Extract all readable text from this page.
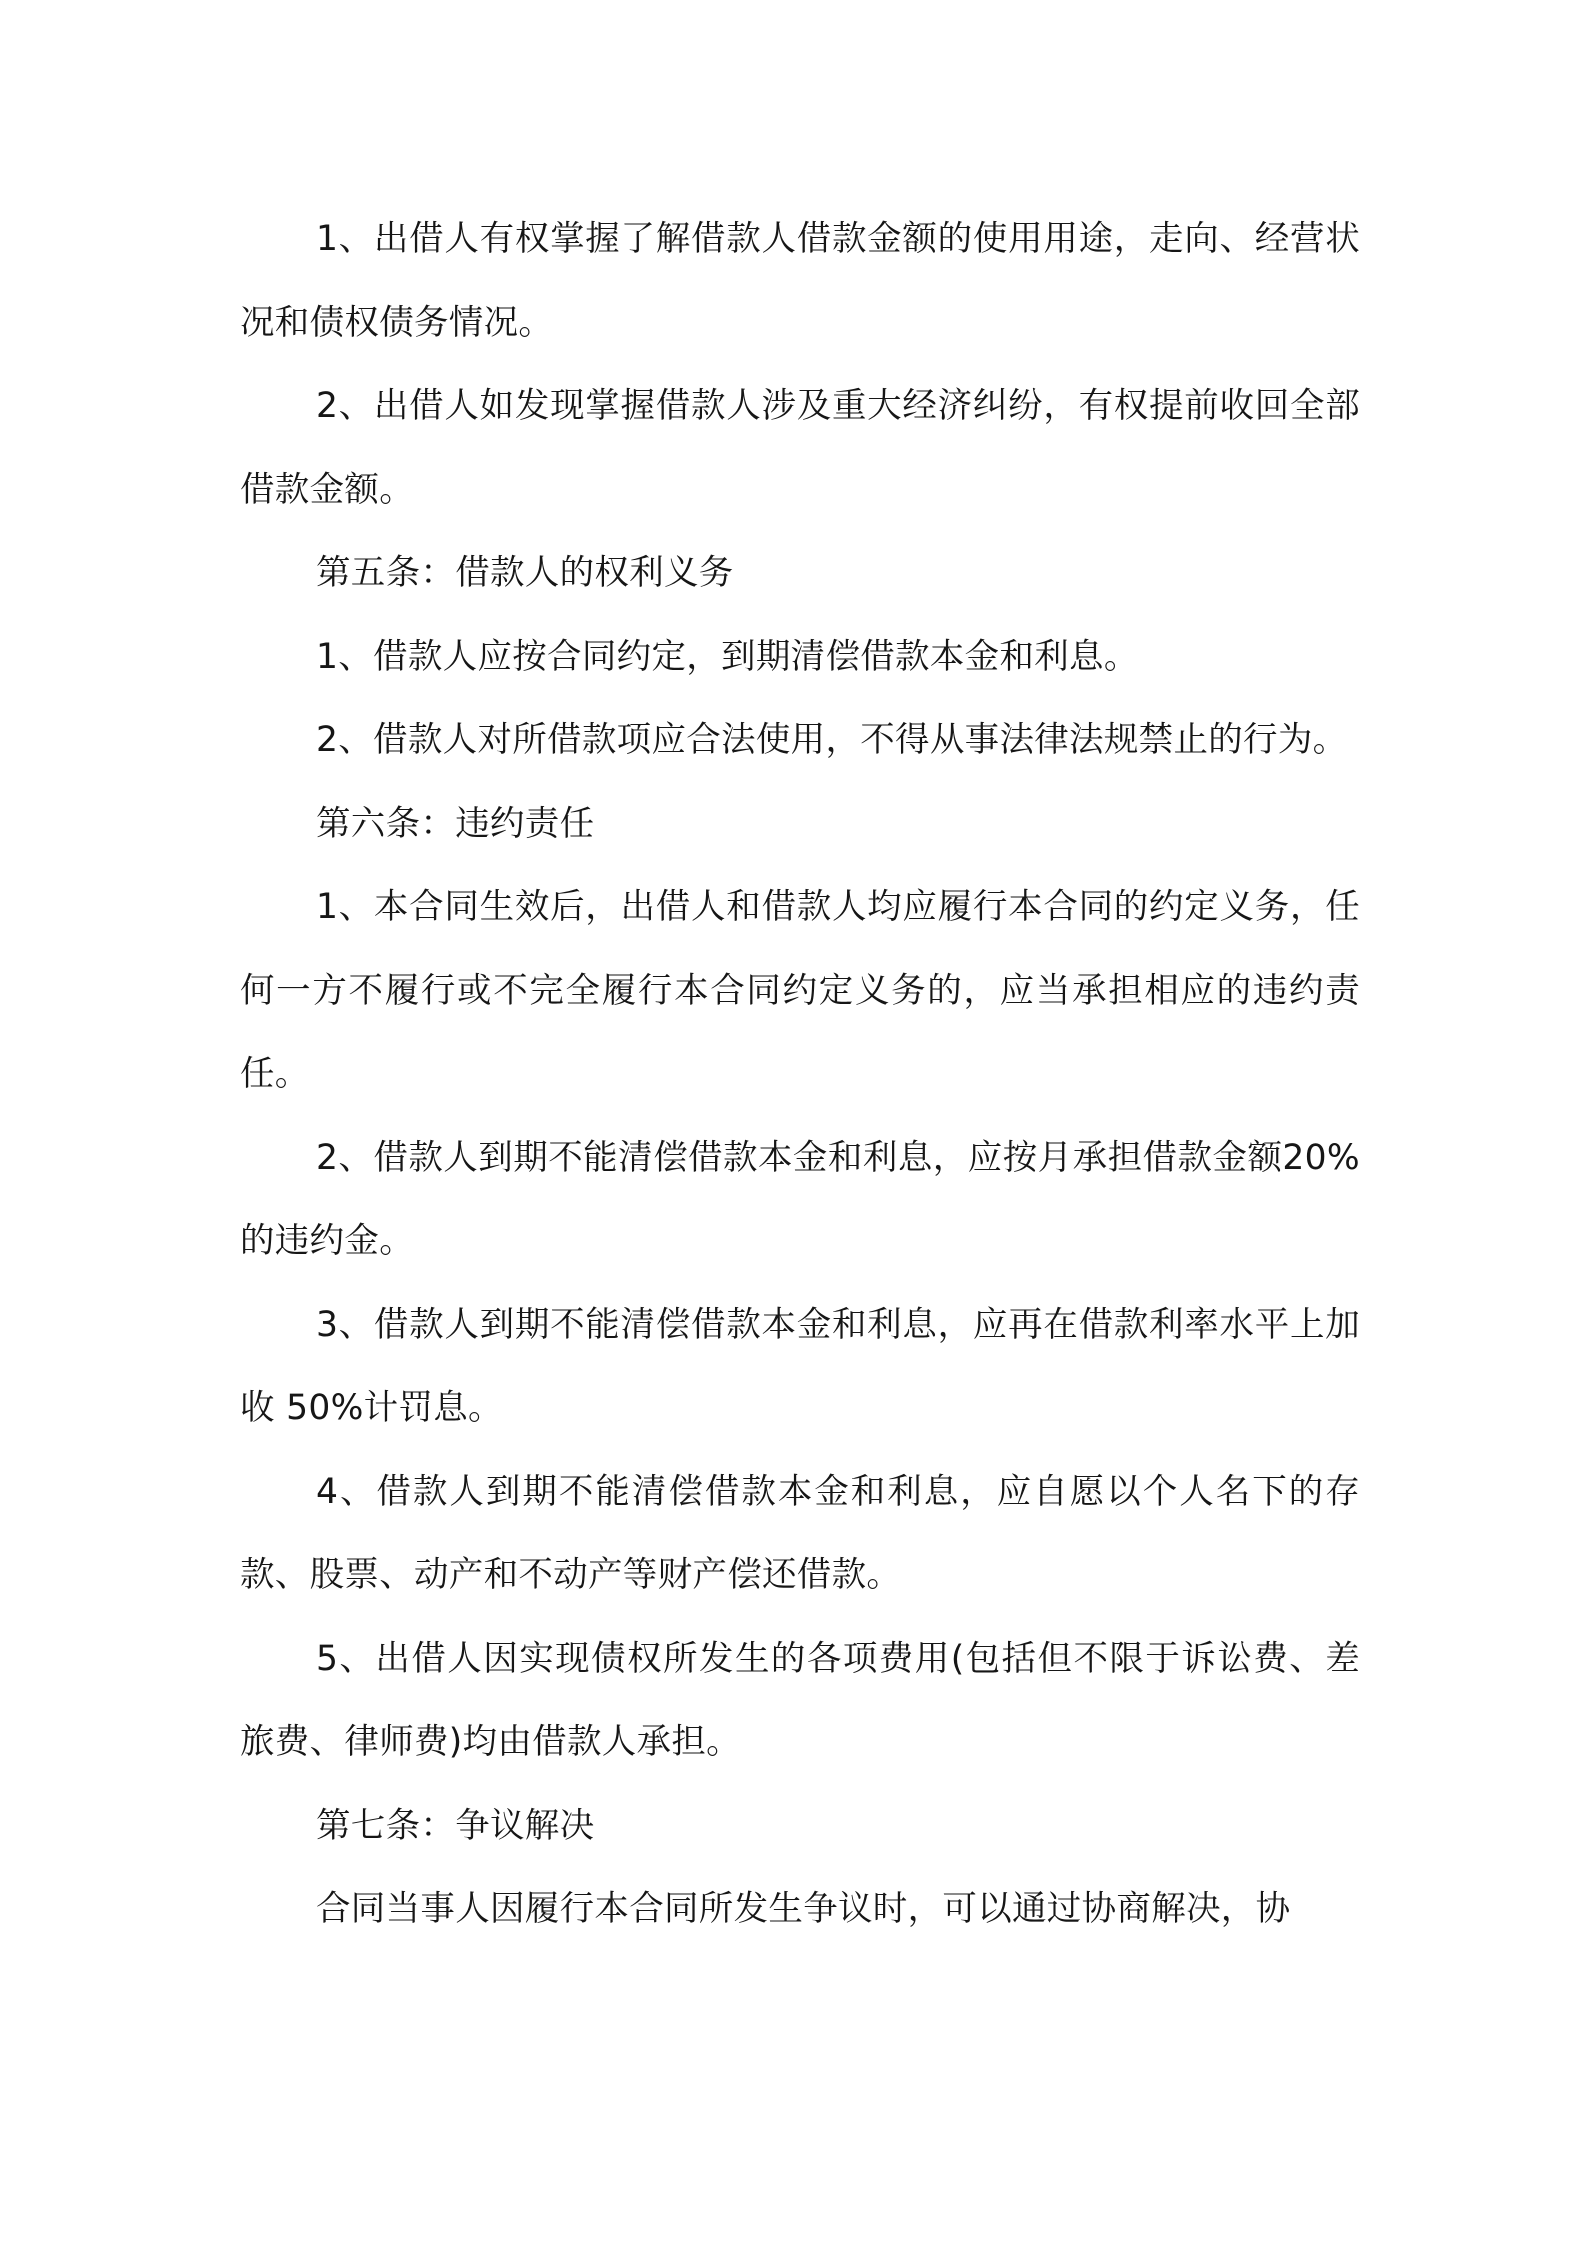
1、出借人有权掌握了解借款人借款金额的使用用途，走向、经营状况和债权债务情况。

2、出借人如发现掌握借款人涉及重大经济纠纷，有权提前收回全部借款金额。

第五条：借款人的权利义务

1、借款人应按合同约定，到期清偿借款本金和利息。

2、借款人对所借款项应合法使用，不得从事法律法规禁止的行为。

第六条：违约责任

1、本合同生效后，出借人和借款人均应履行本合同的约定义务，任何一方不履行或不完全履行本合同约定义务的，应当承担相应的违约责任。

2、借款人到期不能清偿借款本金和利息，应按月承担借款金额20%的违约金。

3、借款人到期不能清偿借款本金和利息，应再在借款利率水平上加收 50%计罚息。

4、借款人到期不能清偿借款本金和利息，应自愿以个人名下的存款、股票、动产和不动产等财产偿还借款。

5、出借人因实现债权所发生的各项费用(包括但不限于诉讼费、差旅费、律师费)均由借款人承担。

第七条：争议解决

合同当事人因履行本合同所发生争议时，可以通过协商解决，协
